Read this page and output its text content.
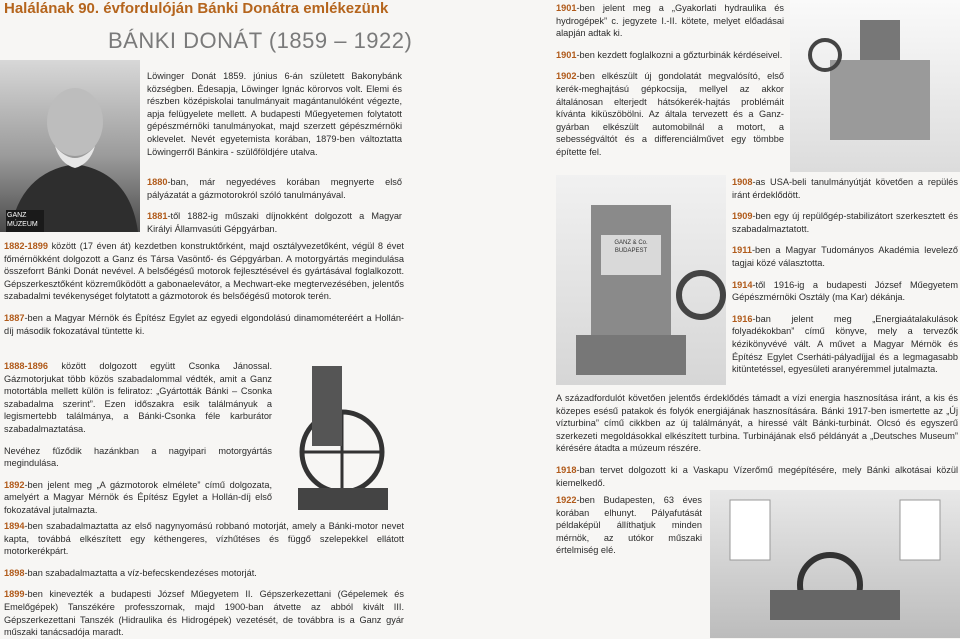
Halálának 90. évfordulóján Bánki Donátra emlékezünk
BÁNKI DONÁT (1859 – 1922)
GANZ
MÚZEUM
Löwinger Donát 1859. június 6-án született Bakonybánk községben. Édesapja, Löwinger Ignác körorvos volt. Elemi és részben középiskolai tanulmányait magántanulóként végezte, apja felügyelete mellett. A budapesti Műegyetemen folytatott gépészmérnöki tanulmányokat, majd szerzett gépészmérnöki oklevelet. Nevét egyetemista korában, 1879-ben változtatta Löwingerről Bánkira - szülőföldjére utalva.

1880-ban, már negyedéves korában megnyerte első pályázatát a gázmotorokról szóló tanulmányával.

1881-től 1882-ig műszaki díjnokként dolgozott a Magyar Királyi Államvasúti Gépgyárban.

1882-1899 között (17 éven át) kezdetben konstruktőrként, majd osztályvezetőként, végül 8 évet főmérnökként dolgozott a Ganz és Társa Vasöntő- és Gépgyárban. A motorgyártás megindulása összeforrt Bánki Donát nevével. A belsőégésű motorok fejlesztésével és gyártásával foglalkozott. Gépszerkesztőként közreműködött a gabonaelevátor, a Mechwart-eke megtervezésében, jelentős szabadalmi tevékenységet folytatott a gázmotorok és belsőégésű motorok terén.

1887-ben a Magyar Mérnök és Építész Egylet az egyedi elgondolású dinamométeréért a Hollán-díj második fokozatával tüntette ki.

1888-1896 között dolgozott együtt Csonka Jánossal. Gázmotorjukat több közös szabadalommal védték, amit a Ganz motortábla mellett külön is feliratoz: „Gyártották Bánki – Csonka szabadalma szerint”. Ezen időszakra esik találmányuk a legismertebb találmánya, a Bánki-Csonka féle karburátor szabadalmaztatása.

Nevéhez fűződik hazánkban a nagyipari motorgyártás megindulása.

1892-ben jelent meg „A gázmotorok elmélete” című dolgozata, amelyért a Magyar Mérnök és Építész Egylet a Hollán-díj első fokozatával jutalmazta.

1894-ben szabadalmaztatta az első nagynyomású robbanó motorját, amely a Bánki-motor nevet kapta, továbbá elkészített egy kéthengeres, vízhűtéses és függő szelepekkel ellátott motorkerékpárt.

1898-ban szabadalmaztatta a víz-befecskendezéses motorját.

1899-ben kinevezték a budapesti József Műegyetem II. Gépszerkezettani (Gépelemek és Emelőgépek) Tanszékére professzornak, majd 1900-ban átvette az abból kivált III. Gépszerkezettani Tanszék (Hidraulika és Hidrogépek) vezetését, de továbbra is a Ganz gyár műszaki tanácsadója maradt.

GANZ & Co.
BUDAPEST

1901-ben jelent meg a „Gyakorlati hydraulika és hydrogépek” c. jegyzete I.-II. kötete, melyet előadásai alapján adtak ki.

1901-ben kezdett foglalkozni a gőzturbinák kérdéseivel.

1902-ben elkészült új gondolatát megvalósító, első kerék-meghajtású gépkocsija, mellyel az akkor általánosan elterjedt hátsókerék-hajtás problémáit kívánta kiküszöbölni. Az általa tervezett és a Ganz-gyárban elkészült automobilnál a motort, a sebességváltót és a differenciálművet egy tömbbe építette fel.

1908-as USA-beli tanulmányútját követően a repülés iránt érdeklődött.

1909-ben egy új repülőgép-stabilizátort szerkesztett és szabadalmaztatott.

1911-ben a Magyar Tudományos Akadémia levelező tagjai közé választotta.

1914-től 1916-ig a budapesti József Műegyetem Gépészmérnöki Osztály (ma Kar) dékánja.

1916-ban jelent meg „Energiaátalakulások folyadékokban” című könyve, mely a tervezők kézikönyvévé vált. A művet a Magyar Mérnök és Építész Egylet Cserháti-pályadíjjal és a legmagasabb kitüntetéssel, egyesületi aranyéremmel jutalmazta.

A századfordulót követően jelentős érdeklődés támadt a vízi energia hasznosítása iránt, a kis és közepes esésű patakok és folyók energiájának hasznosítására. Bánki 1917-ben ismertette az „Új vízturbina” című cikkben az új találmányát, a hiressé vált Bánki-turbinát. Olcsó és egyszerű szerkezeti megoldásokkal elkészített turbina. Turbinájának első példányát a „Deutsches Museum” kérésére átadta a múzeum részére.

1918-ban tervet dolgozott ki a Vaskapu Vízerőmű megépítésére, mely Bánki alkotásai közül kiemelkedő.

1922-ben Budapesten, 63 éves korában elhunyt. Pályafutását példaképül állíthatjuk minden mérnök, az utókor műszaki értelmiség elé.
